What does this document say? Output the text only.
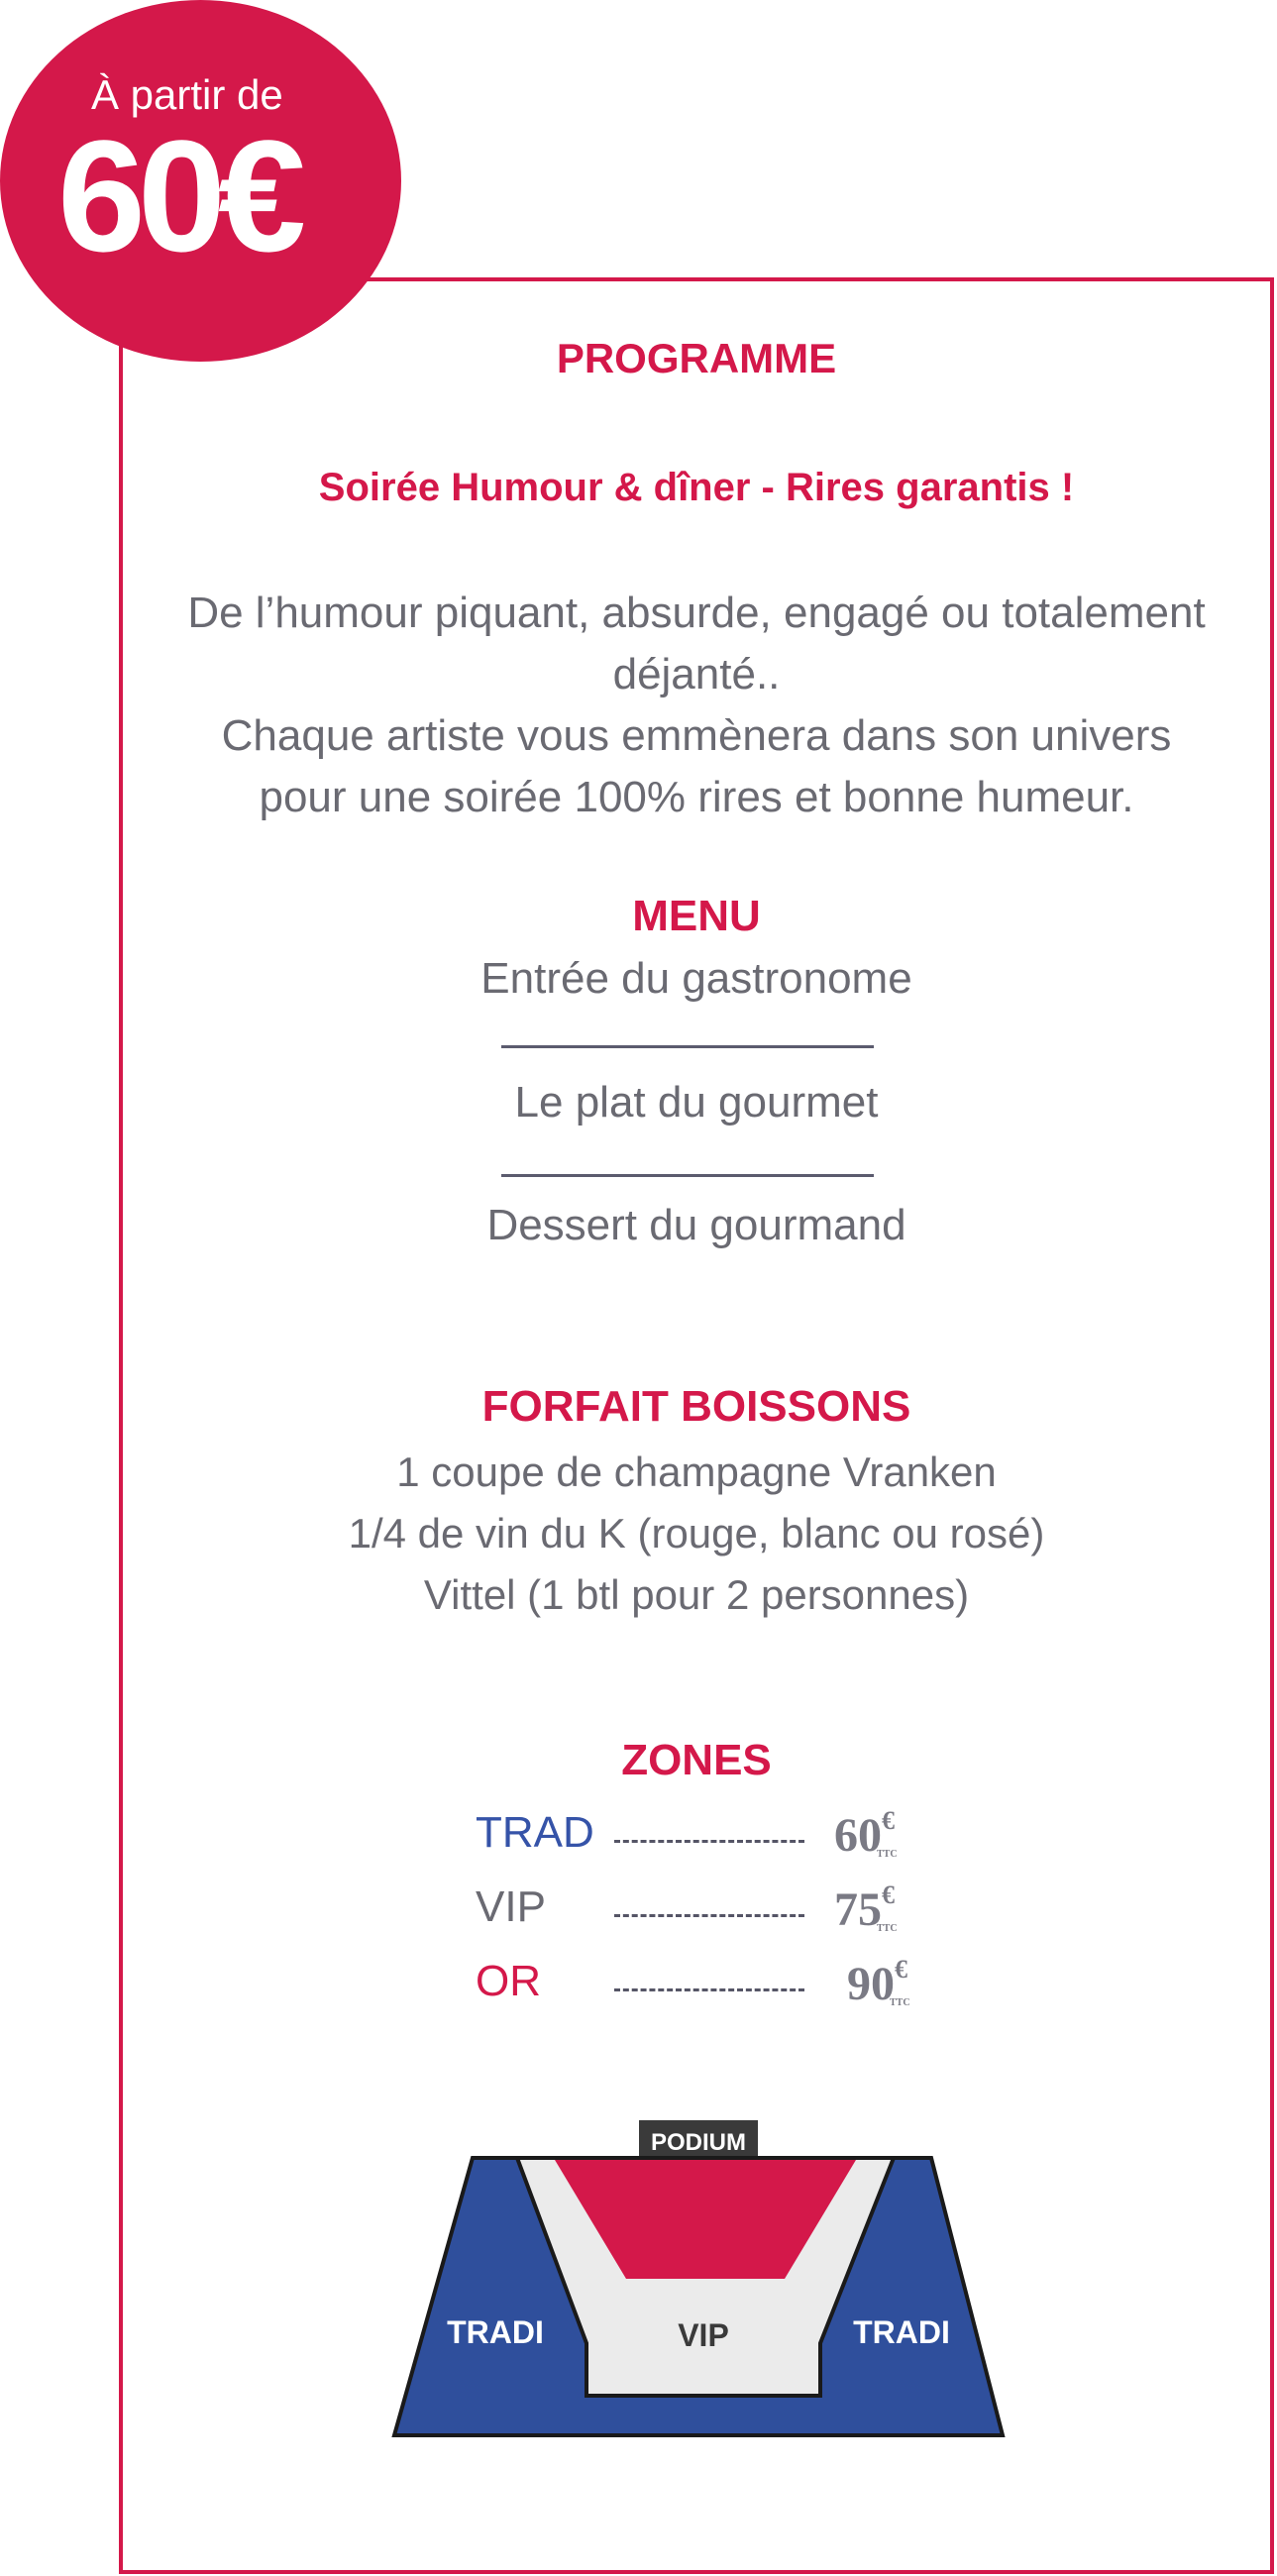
À partir de
60€
PROGRAMME
Soirée Humour & dîner - Rires garantis !
De l’humour piquant, absurde, engagé ou totalement déjanté..
Chaque artiste vous emmènera dans son univers
pour une soirée 100% rires et bonne humeur.
MENU
Entrée du gastronome
Le plat du gourmet
Dessert du gourmand
FORFAIT BOISSONS
1 coupe de champagne Vranken
1/4 de vin du K (rouge, blanc ou rosé)
Vittel (1 btl pour 2 personnes)
ZONES
TRAD	60€TTC
VIP	75€TTC
OR	90€TTC
PODIUM
TRADI	VIP	TRADI
